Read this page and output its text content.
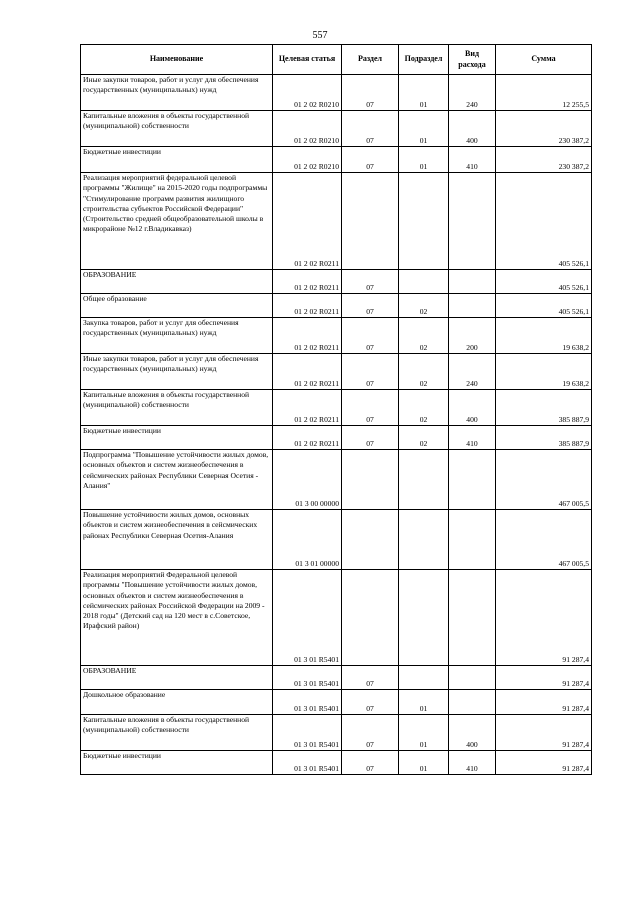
557
Наименование	Целевая статья	Раздел	Подраздел	Вид расхода	Сумма
Иные закупки товаров, работ и услуг для обеспечения государственных (муниципальных) нужд	01 2 02 R0210	07	01	240	12 255,5
Капитальные вложения в объекты государственной (муниципальной) собственности	01 2 02 R0210	07	01	400	230 387,2
Бюджетные инвестиции	01 2 02 R0210	07	01	410	230 387,2
Реализация мероприятий федеральной целевой программы "Жилище" на 2015-2020 годы подпрограммы "Стимулирование программ развития жилищного строительства субъектов Российской Федерации" (Строительство средней общеобразовательной школы в микрорайоне №12 г.Владикавказ)	01 2 02 R0211				405 526,1
ОБРАЗОВАНИЕ	01 2 02 R0211	07			405 526,1
Общее образование	01 2 02 R0211	07	02		405 526,1
Закупка товаров, работ и услуг для обеспечения государственных (муниципальных) нужд	01 2 02 R0211	07	02	200	19 638,2
Иные закупки товаров, работ и услуг для обеспечения государственных (муниципальных) нужд	01 2 02 R0211	07	02	240	19 638,2
Капитальные вложения в объекты государственной (муниципальной) собственности	01 2 02 R0211	07	02	400	385 887,9
Бюджетные инвестиции	01 2 02 R0211	07	02	410	385 887,9
Подпрограмма "Повышение устойчивости жилых домов, основных объектов и систем жизнеобеспечения в сейсмических районах Республики Северная Осетия - Алания"	01 3 00 00000				467 005,5
Повышение устойчивости жилых домов, основных объектов и систем жизнеобеспечения в сейсмических районах Республики Северная Осетия-Алания	01 3 01 00000				467 005,5
Реализация мероприятий Федеральной целевой программы "Повышение устойчивости жилых домов, основных объектов и систем жизнеобеспечения в сейсмических районах Российской Федерации на 2009 - 2018 годы" (Детский сад на 120 мест в с.Советское, Ирафский район)	01 3 01 R5401				91 287,4
ОБРАЗОВАНИЕ	01 3 01 R5401	07			91 287,4
Дошкольное образование	01 3 01 R5401	07	01		91 287,4
Капитальные вложения в объекты государственной (муниципальной) собственности	01 3 01 R5401	07	01	400	91 287,4
Бюджетные инвестиции	01 3 01 R5401	07	01	410	91 287,4
